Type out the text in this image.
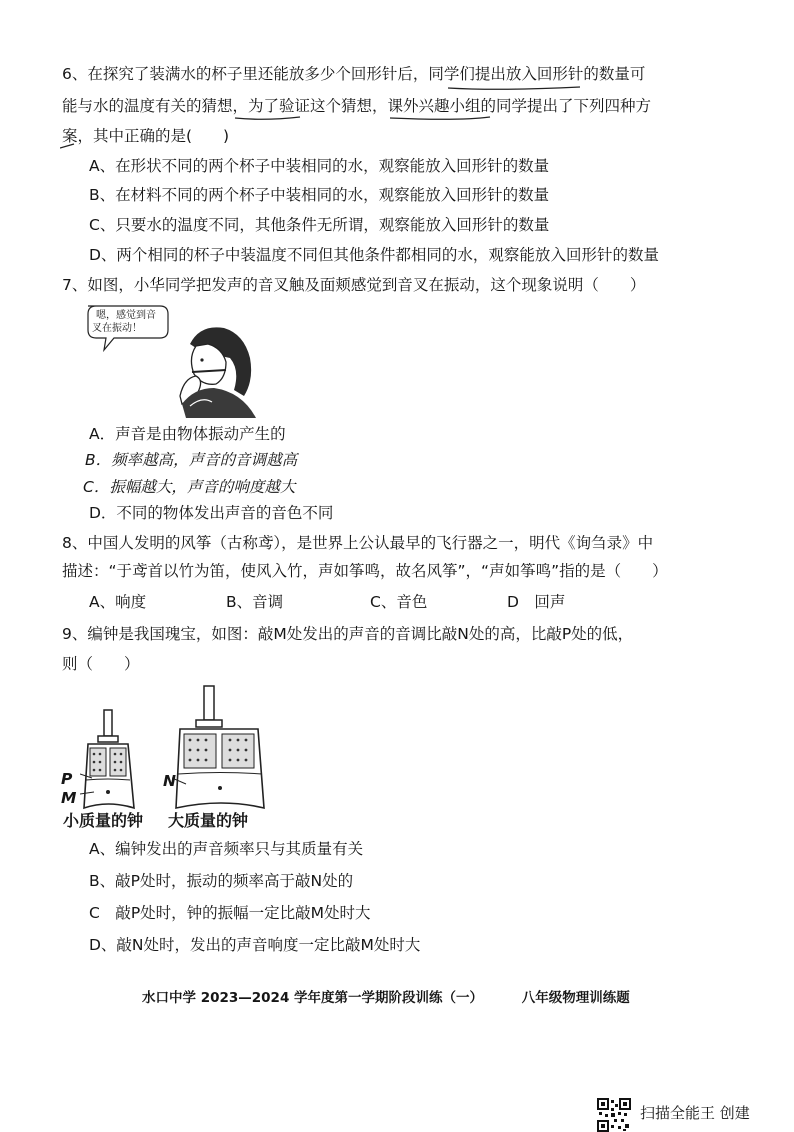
6、在探究了装满水的杯子里还能放多少个回形针后，同学们提出放入回形针的数量可
能与水的温度有关的猜想，为了验证这个猜想，课外兴趣小组的同学提出了下列四种方
案，其中正确的是(　　)
A、在形状不同的两个杯子中装相同的水，观察能放入回形针的数量
B、在材料不同的两个杯子中装相同的水，观察能放入回形针的数量
C、只要水的温度不同，其他条件无所谓，观察能放入回形针的数量
D、两个相同的杯子中装温度不同但其他条件都相同的水，观察能放入回形针的数量
7、如图，小华同学把发声的音叉触及面颊感觉到音叉在振动，这个现象说明（　　）
嗯，感觉到音
叉在振动！
A．声音是由物体振动产生的
B．频率越高，声音的音调越高
C．振幅越大，声音的响度越大
D．不同的物体发出声音的音色不同
8、中国人发明的风筝（古称鸢），是世界上公认最早的飞行器之一，明代《询刍录》中
描述：“于鸢首以竹为笛，使风入竹，声如筝鸣，故名风筝”，“声如筝鸣”指的是（　　）
A、响度	B、音调	C、音色	D　回声
9、编钟是我国瑰宝，如图：敲M处发出的声音的音调比敲N处的高，比敲P处的低，
则（　　）
P
M
N
小质量的钟 大质量的钟
A、编钟发出的声音频率只与其质量有关
B、敲P处时，振动的频率高于敲N处的
C　敲P处时，钟的振幅一定比敲M处时大
D、敲N处时，发出的声音响度一定比敲M处时大
水口中学 2023—2024 学年度第一学期阶段训练（一）	八年级物理训练题
扫描全能王 创建
